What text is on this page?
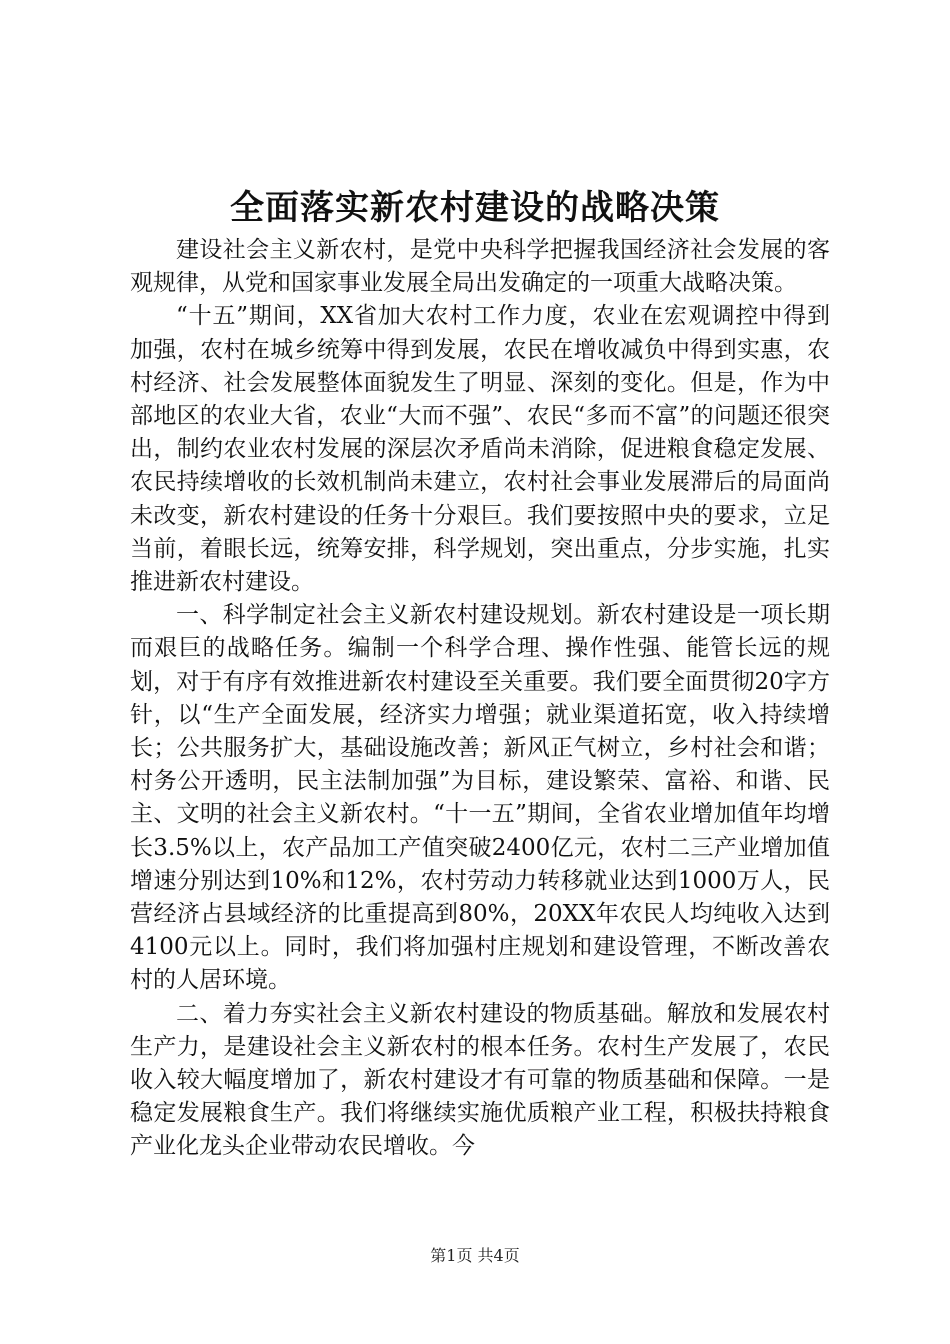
全面落实新农村建设的战略决策

建设社会主义新农村，是党中央科学把握我国经济社会发展的客观规律，从党和国家事业发展全局出发确定的一项重大战略决策。

“十五”期间，XX省加大农村工作力度，农业在宏观调控中得到加强，农村在城乡统筹中得到发展，农民在增收减负中得到实惠，农村经济、社会发展整体面貌发生了明显、深刻的变化。但是，作为中部地区的农业大省，农业“大而不强”、农民“多而不富”的问题还很突出，制约农业农村发展的深层次矛盾尚未消除，促进粮食稳定发展、农民持续增收的长效机制尚未建立，农村社会事业发展滞后的局面尚未改变，新农村建设的任务十分艰巨。我们要按照中央的要求，立足当前，着眼长远，统筹安排，科学规划，突出重点，分步实施，扎实推进新农村建设。

一、科学制定社会主义新农村建设规划。新农村建设是一项长期而艰巨的战略任务。编制一个科学合理、操作性强、能管长远的规划，对于有序有效推进新农村建设至关重要。我们要全面贯彻20字方针，以“生产全面发展，经济实力增强；就业渠道拓宽，收入持续增长；公共服务扩大，基础设施改善；新风正气树立，乡村社会和谐；村务公开透明，民主法制加强”为目标，建设繁荣、富裕、和谐、民主、文明的社会主义新农村。“十一五”期间，全省农业增加值年均增长3.5%以上，农产品加工产值突破2400亿元，农村二三产业增加值增速分别达到10%和12%，农村劳动力转移就业达到1000万人，民营经济占县域经济的比重提高到80%，20XX年农民人均纯收入达到4100元以上。同时，我们将加强村庄规划和建设管理，不断改善农村的人居环境。

二、着力夯实社会主义新农村建设的物质基础。解放和发展农村生产力，是建设社会主义新农村的根本任务。农村生产发展了，农民收入较大幅度增加了，新农村建设才有可靠的物质基础和保障。一是稳定发展粮食生产。我们将继续实施优质粮产业工程，积极扶持粮食产业化龙头企业带动农民增收。今

第1页 共4页
